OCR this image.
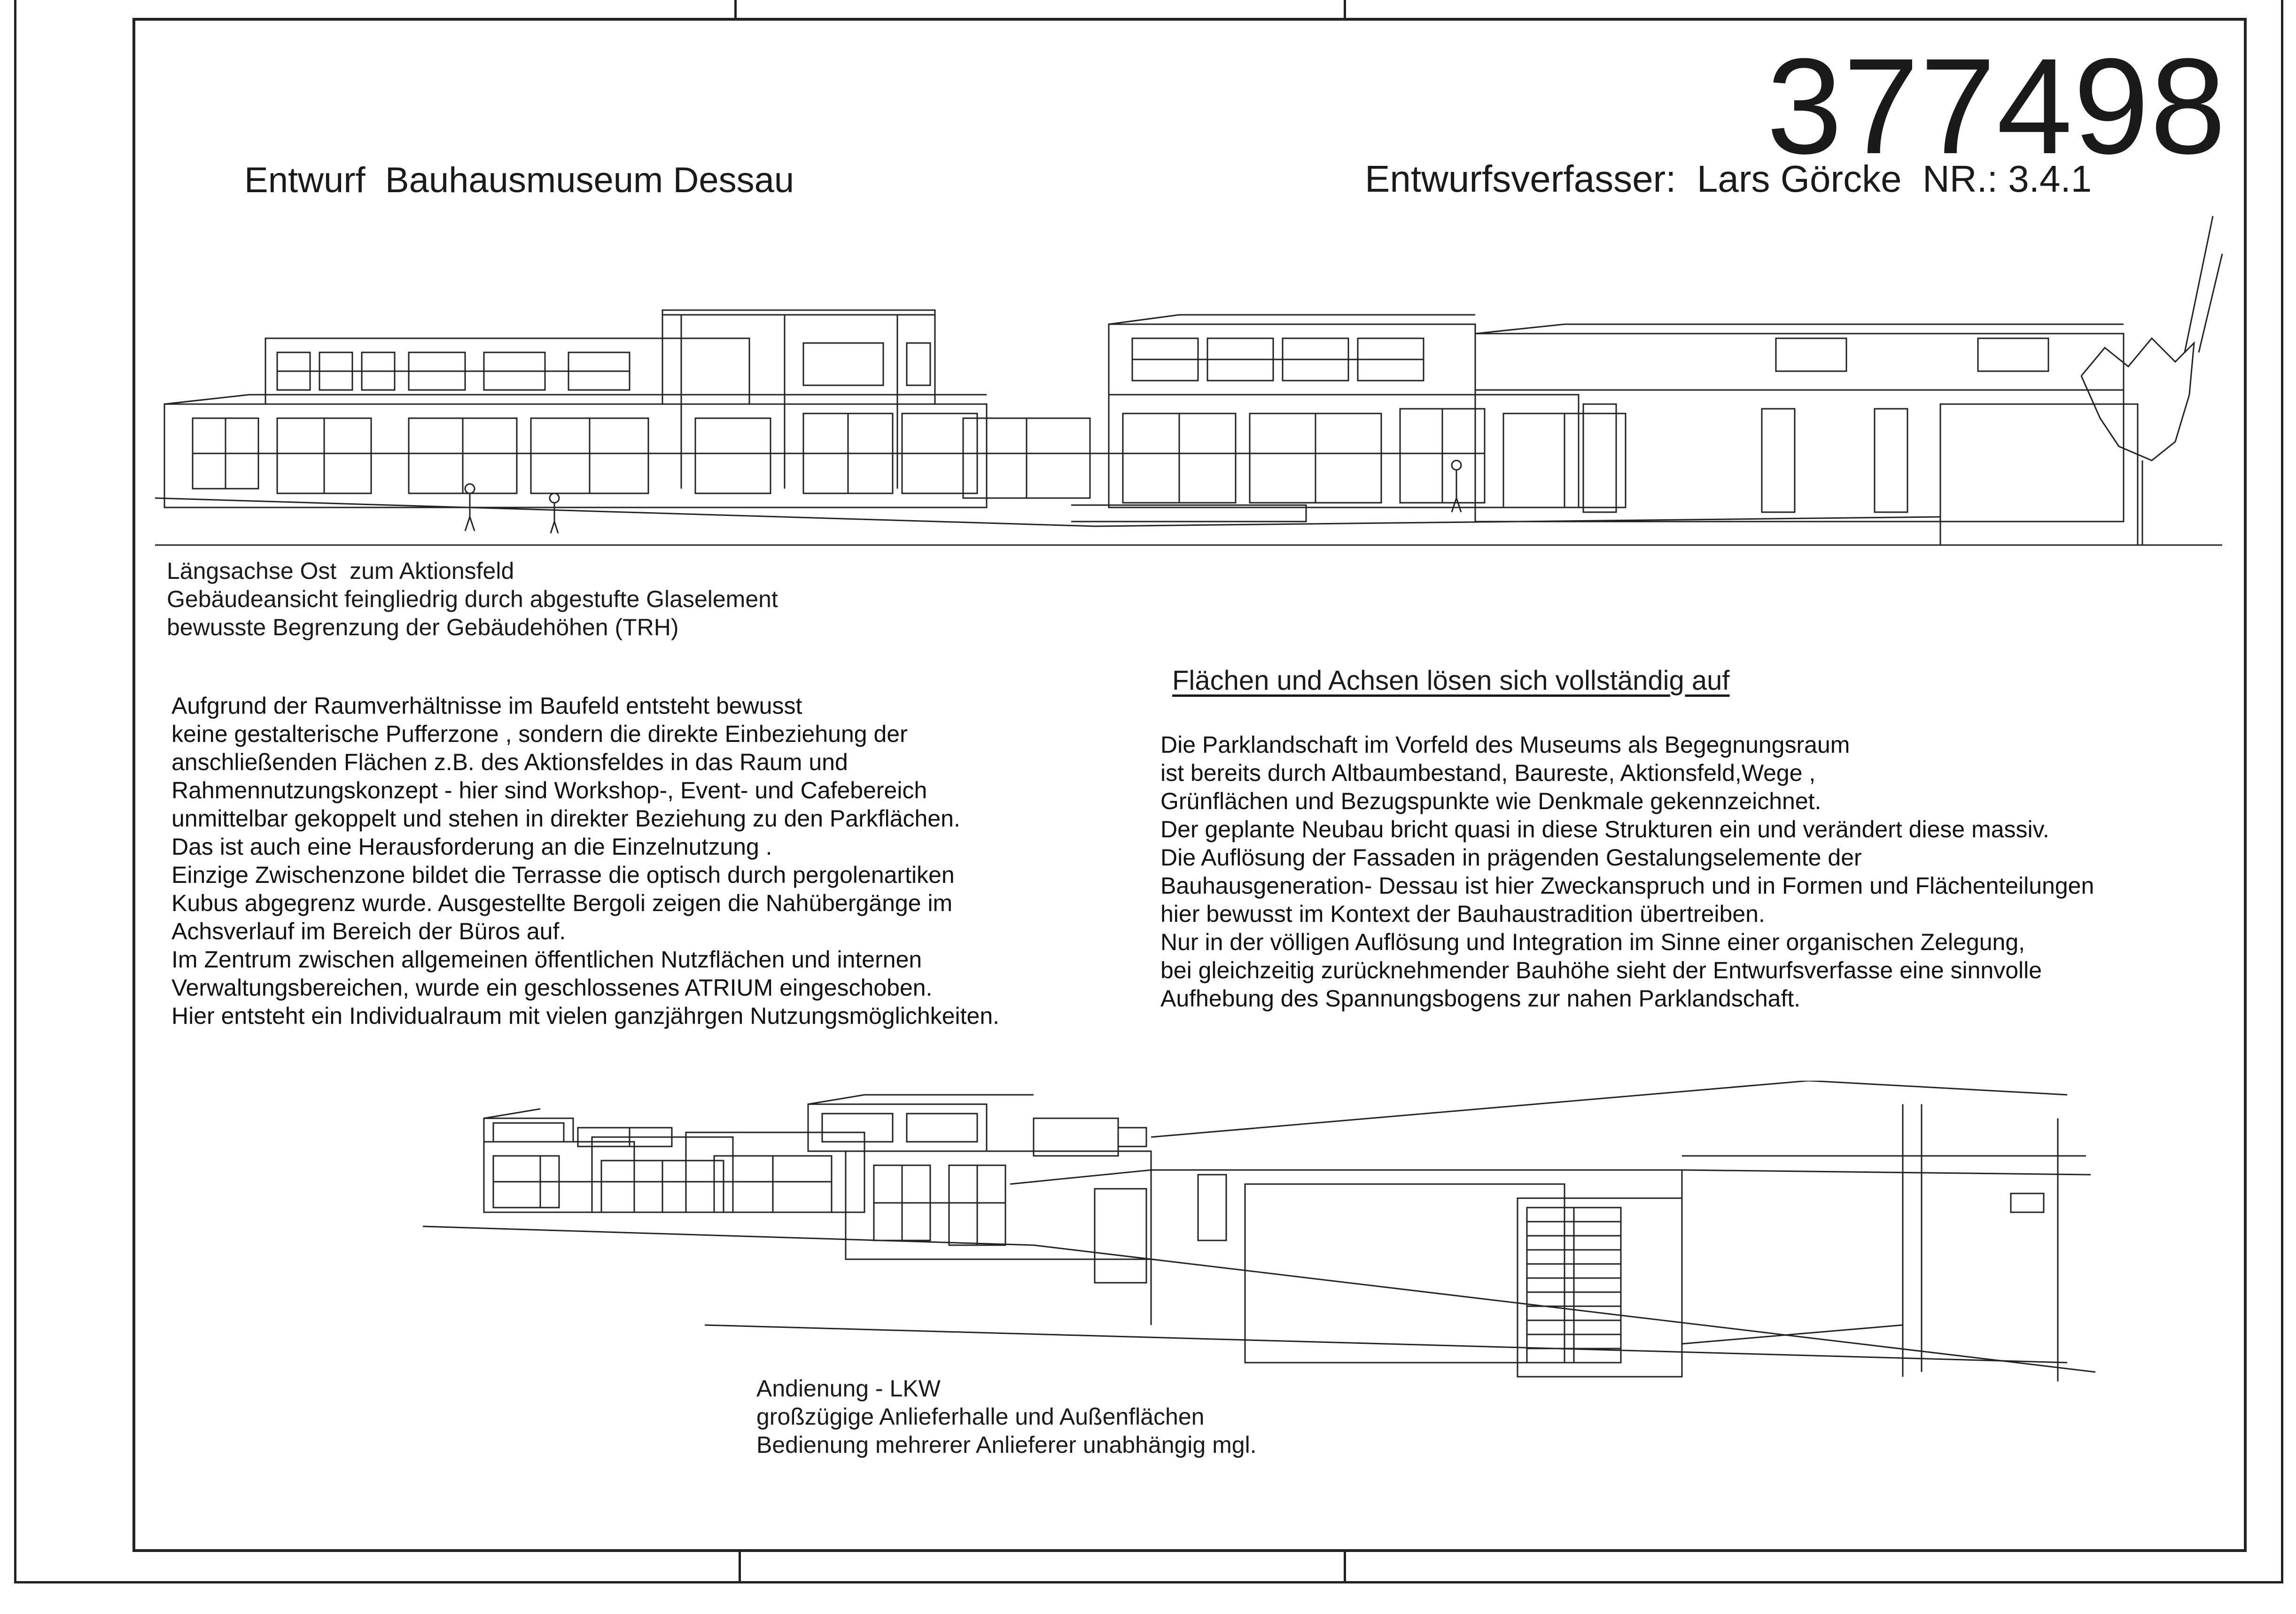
Entwurf  Bauhausmuseum Dessau	377498
Entwurfsverfasser:  Lars Görcke  NR.: 3.4.1
Längsachse Ost  zum Aktionsfeld
Gebäudeansicht feingliedrig durch abgestufte Glaselement
bewusste Begrenzung der Gebäudehöhen (TRH)
Aufgrund der Raumverhältnisse im Baufeld entsteht bewusst
keine gestalterische Pufferzone , sondern die direkte Einbeziehung der
anschließenden Flächen z.B. des Aktionsfeldes in das Raum und
Rahmennutzungskonzept - hier sind Workshop-, Event- und Cafebereich
unmittelbar gekoppelt und stehen in direkter Beziehung zu den Parkflächen.
Das ist auch eine Herausforderung an die Einzelnutzung .
Einzige Zwischenzone bildet die Terrasse die optisch durch pergolenartiken
Kubus abgegrenz wurde. Ausgestellte Bergoli zeigen die Nahübergänge im
Achsverlauf im Bereich der Büros auf.
Im Zentrum zwischen allgemeinen öffentlichen Nutzflächen und internen
Verwaltungsbereichen, wurde ein geschlossenes ATRIUM eingeschoben.
Hier entsteht ein Individualraum mit vielen ganzjährgen Nutzungsmöglichkeiten.
Flächen und Achsen lösen sich vollständig auf
Die Parklandschaft im Vorfeld des Museums als Begegnungsraum
ist bereits durch Altbaumbestand, Baureste, Aktionsfeld,Wege ,
Grünflächen und Bezugspunkte wie Denkmale gekennzeichnet.
Der geplante Neubau bricht quasi in diese Strukturen ein und verändert diese massiv.
Die Auflösung der Fassaden in prägenden Gestalungselemente der
Bauhausgeneration- Dessau ist hier Zweckanspruch und in Formen und Flächenteilungen
hier bewusst im Kontext der Bauhaustradition übertreiben.
Nur in der völligen Auflösung und Integration im Sinne einer organischen Zelegung,
bei gleichzeitig zurücknehmender Bauhöhe sieht der Entwurfsverfasse eine sinnvolle
Aufhebung des Spannungsbogens zur nahen Parklandschaft.
Andienung - LKW
großzügige Anlieferhalle und Außenflächen
Bedienung mehrerer Anlieferer unabhängig mgl.
